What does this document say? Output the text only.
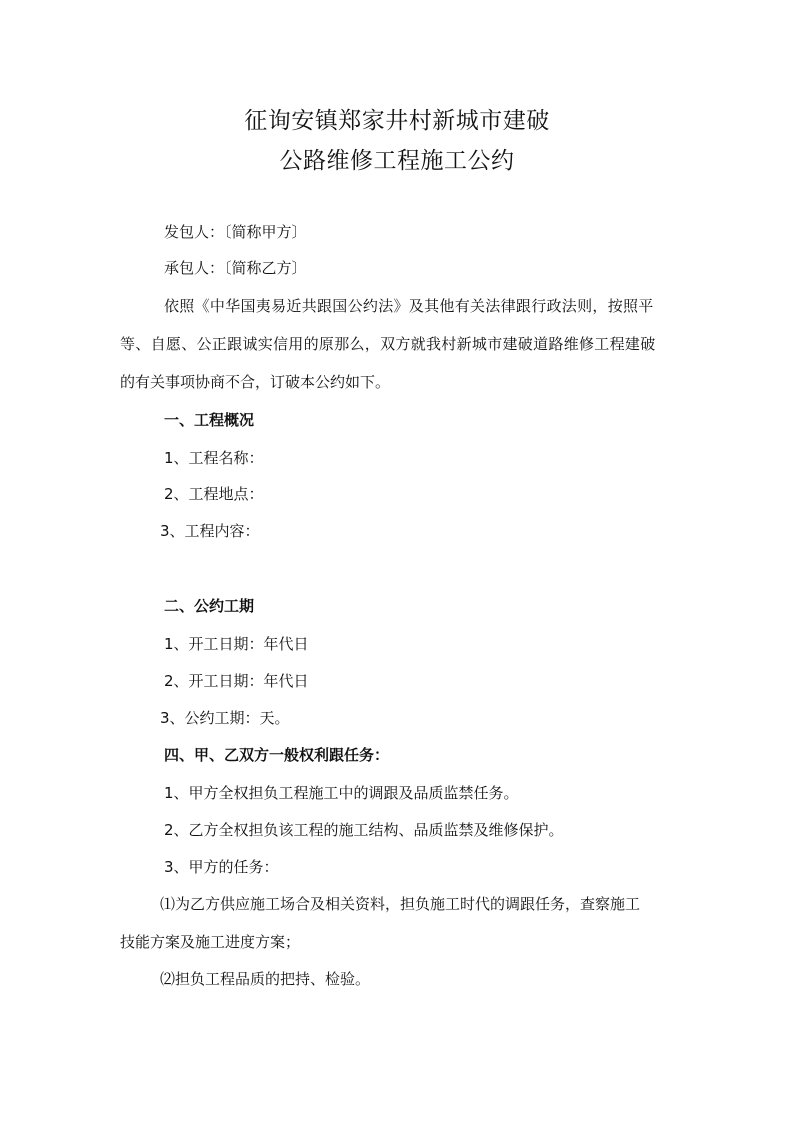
征询安镇郑家井村新城市建破
公路维修工程施工公约
发包人：〔简称甲方〕
承包人：〔简称乙方〕
依照《中华国夷易近共跟国公约法》及其他有关法律跟行政法则，按照平
等、自愿、公正跟诚实信用的原那么，双方就我村新城市建破道路维修工程建破
的有关事项协商不合，订破本公约如下。
一、工程概况
1、工程名称：
2、工程地点：
3、工程内容：
二、公约工期
1、开工日期：年代日
2、开工日期：年代日
3、公约工期：天。
四、甲、乙双方一般权利跟任务：
1、甲方全权担负工程施工中的调跟及品质监禁任务。
2、乙方全权担负该工程的施工结构、品质监禁及维修保护。
3、甲方的任务：
⑴为乙方供应施工场合及相关资料，担负施工时代的调跟任务，查察施工
技能方案及施工进度方案；
⑵担负工程品质的把持、检验。
